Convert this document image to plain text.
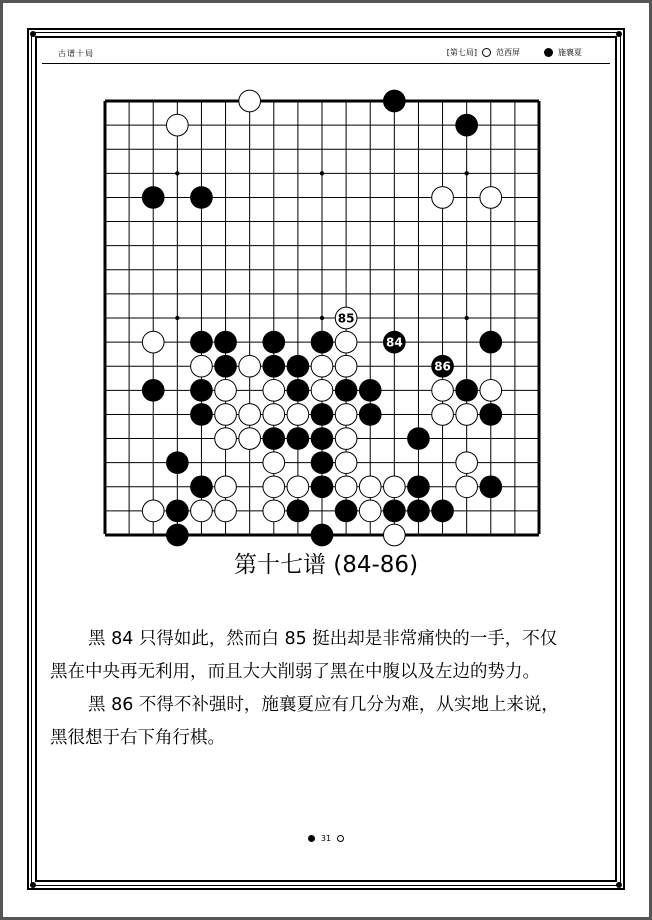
古谱十局	[第七局] 范西屏	施襄夏
85
84
86
第十七谱 (84-86)
黑 84 只得如此，然而白 85 挺出却是非常痛快的一手，不仅
黑在中央再无利用，而且大大削弱了黑在中腹以及左边的势力。
黑 86 不得不补强时，施襄夏应有几分为难，从实地上来说，
黑很想于右下角行棋。
31
